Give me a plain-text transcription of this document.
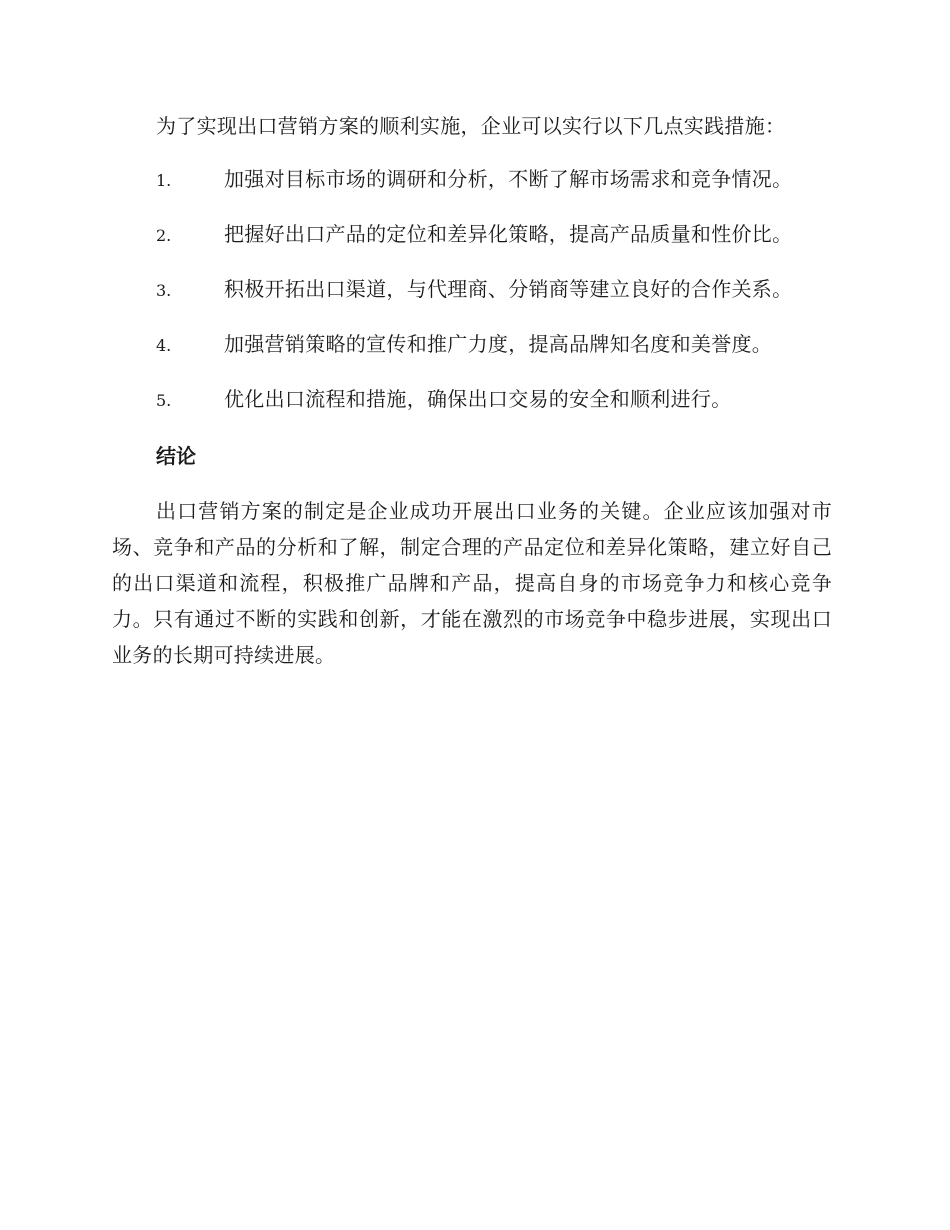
为了实现出口营销方案的顺利实施，企业可以实行以下几点实践措施：

1.	加强对目标市场的调研和分析，不断了解市场需求和竞争情况。
2.	把握好出口产品的定位和差异化策略，提高产品质量和性价比。
3.	积极开拓出口渠道，与代理商、分销商等建立良好的合作关系。
4.	加强营销策略的宣传和推广力度，提高品牌知名度和美誉度。
5.	优化出口流程和措施，确保出口交易的安全和顺利进行。
结论

出口营销方案的制定是企业成功开展出口业务的关键。企业应该加强对市场、竞争和产品的分析和了解，制定合理的产品定位和差异化策略，建立好自己的出口渠道和流程，积极推广品牌和产品，提高自身的市场竞争力和核心竞争力。只有通过不断的实践和创新，才能在激烈的市场竞争中稳步进展，实现出口业务的长期可持续进展。
